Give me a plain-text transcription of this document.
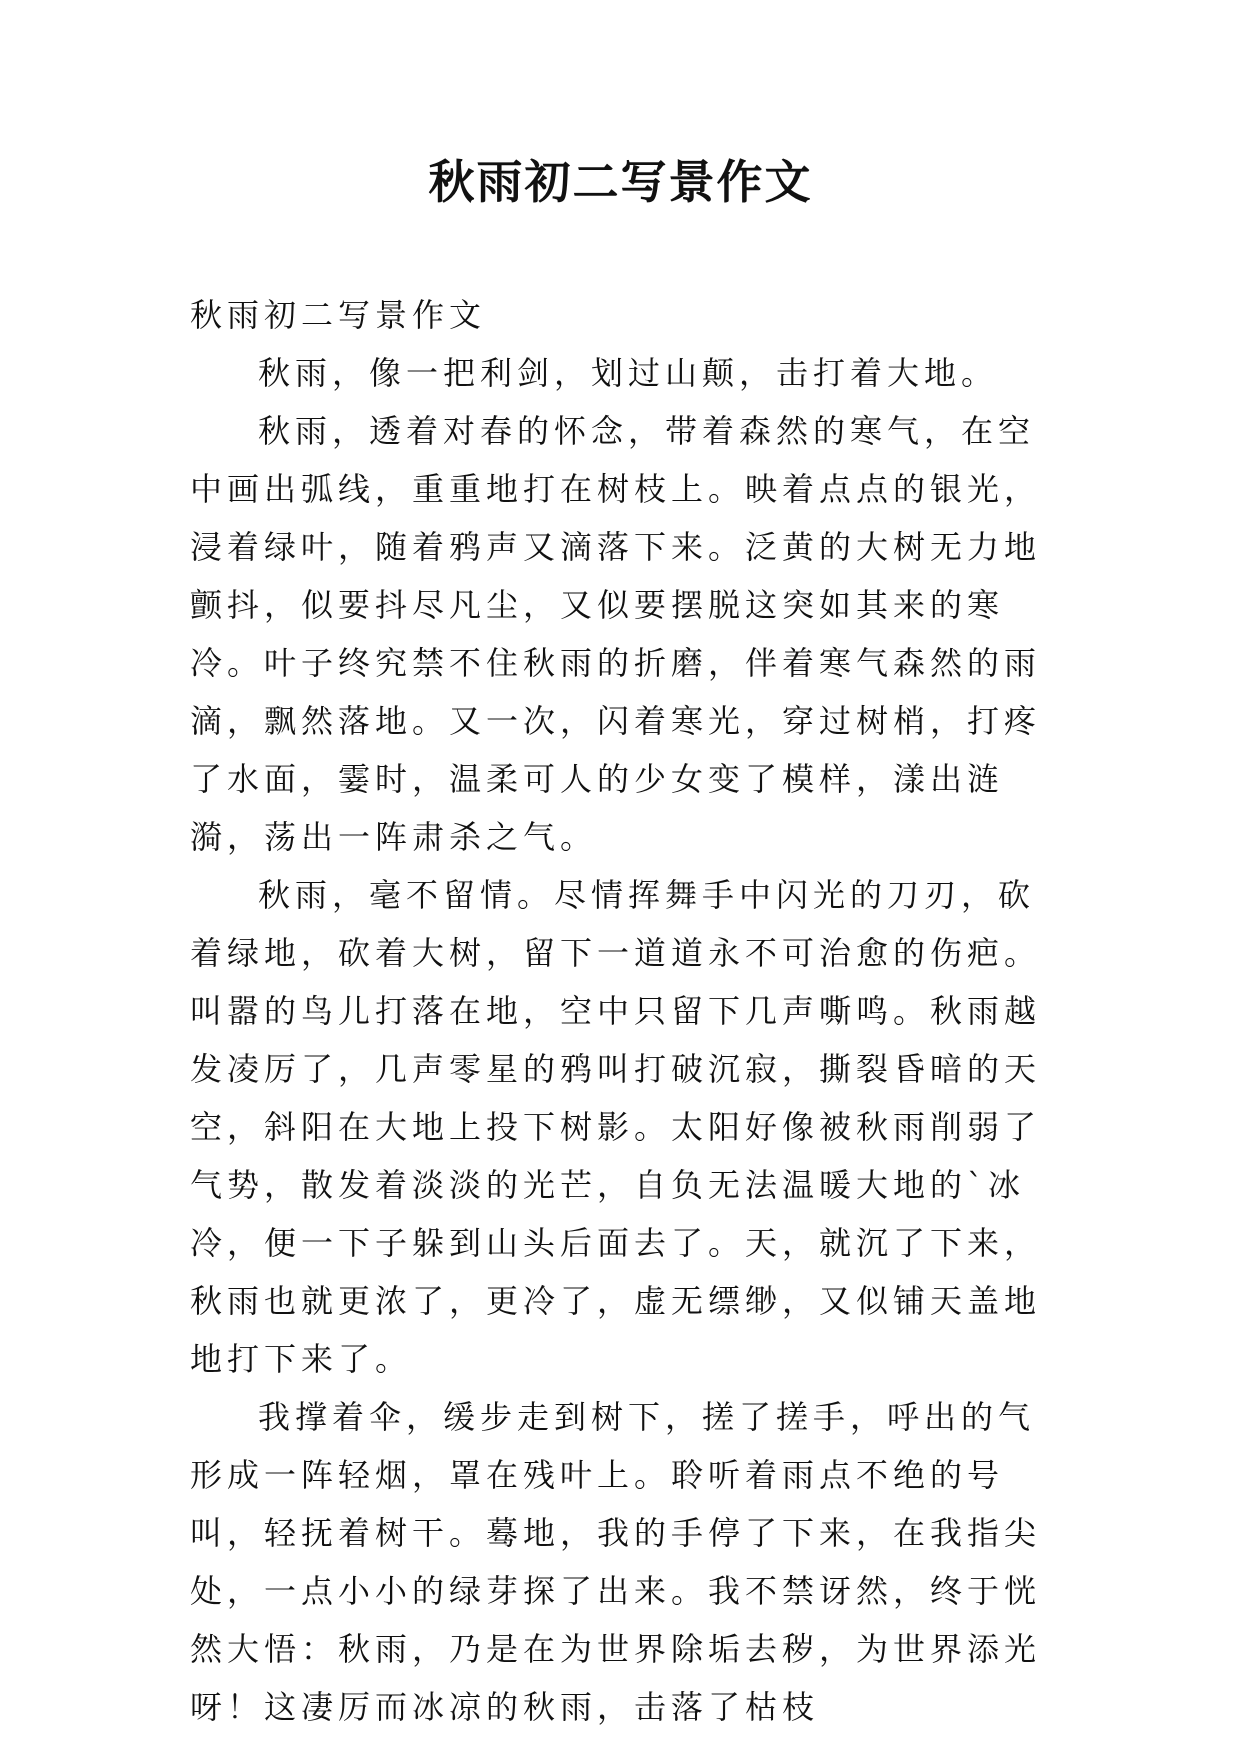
秋雨初二写景作文

秋雨初二写景作文

秋雨，像一把利剑，划过山颠，击打着大地。

秋雨，透着对春的怀念，带着森然的寒气，在空中画出弧线，重重地打在树枝上。映着点点的银光，浸着绿叶，随着鸦声又滴落下来。泛黄的大树无力地颤抖，似要抖尽凡尘，又似要摆脱这突如其来的寒冷。叶子终究禁不住秋雨的折磨，伴着寒气森然的雨滴，飘然落地。又一次，闪着寒光，穿过树梢，打疼了水面，霎时，温柔可人的少女变了模样，漾出涟漪，荡出一阵肃杀之气。

秋雨，毫不留情。尽情挥舞手中闪光的刀刃，砍着绿地，砍着大树，留下一道道永不可治愈的伤疤。叫嚣的鸟儿打落在地，空中只留下几声嘶鸣。秋雨越发凌厉了，几声零星的鸦叫打破沉寂，撕裂昏暗的天空，斜阳在大地上投下树影。太阳好像被秋雨削弱了气势，散发着淡淡的光芒，自负无法温暖大地的`冰冷，便一下子躲到山头后面去了。天，就沉了下来，秋雨也就更浓了，更冷了，虚无缥缈，又似铺天盖地地打下来了。

我撑着伞，缓步走到树下，搓了搓手，呼出的气形成一阵轻烟，罩在残叶上。聆听着雨点不绝的号叫，轻抚着树干。蓦地，我的手停了下来，在我指尖处，一点小小的绿芽探了出来。我不禁讶然，终于恍然大悟：秋雨，乃是在为世界除垢去秽，为世界添光呀！这凄厉而冰凉的秋雨，击落了枯枝
